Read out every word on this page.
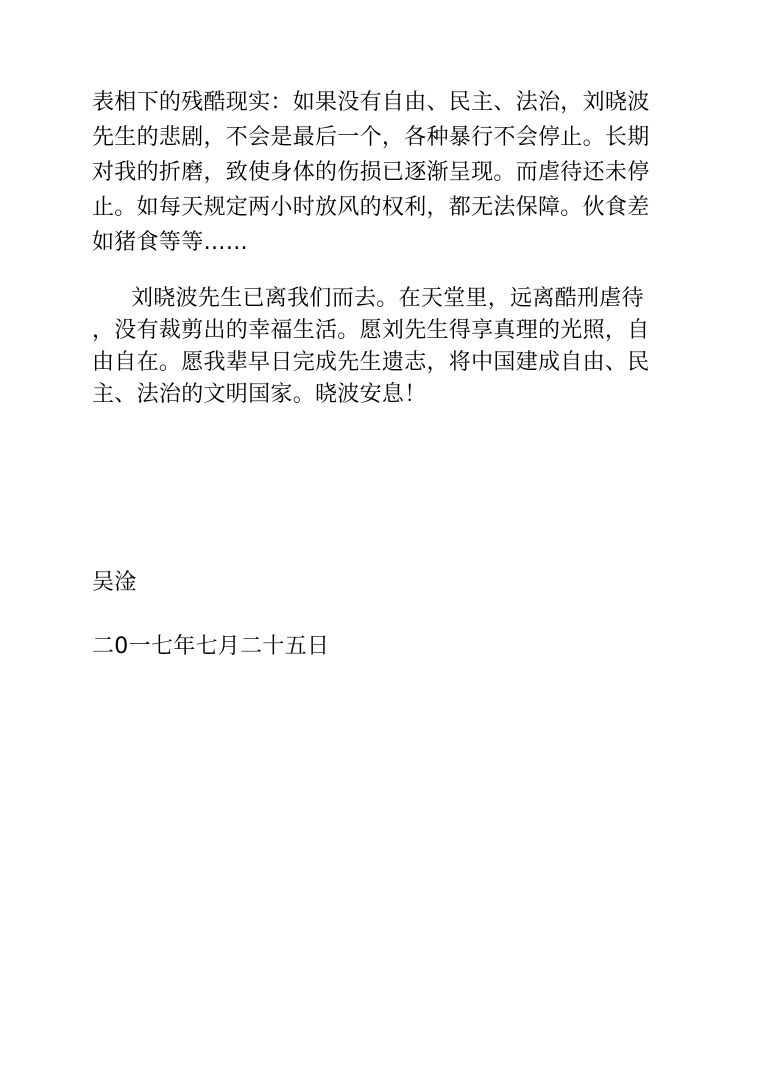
表相下的残酷现实：如果没有自由、民主、法治，刘晓波
先生的悲剧，不会是最后一个，各种暴行不会停止。长期
对我的折磨，致使身体的伤损已逐渐呈现。而虐待还未停
止。如每天规定两小时放风的权利，都无法保障。伙食差
如猪食等等……
刘晓波先生已离我们而去。在天堂里，远离酷刑虐待
，没有裁剪出的幸福生活。愿刘先生得享真理的光照，自
由自在。愿我辈早日完成先生遗志，将中国建成自由、民
主、法治的文明国家。晓波安息！
吴淦
二0一七年七月二十五日
